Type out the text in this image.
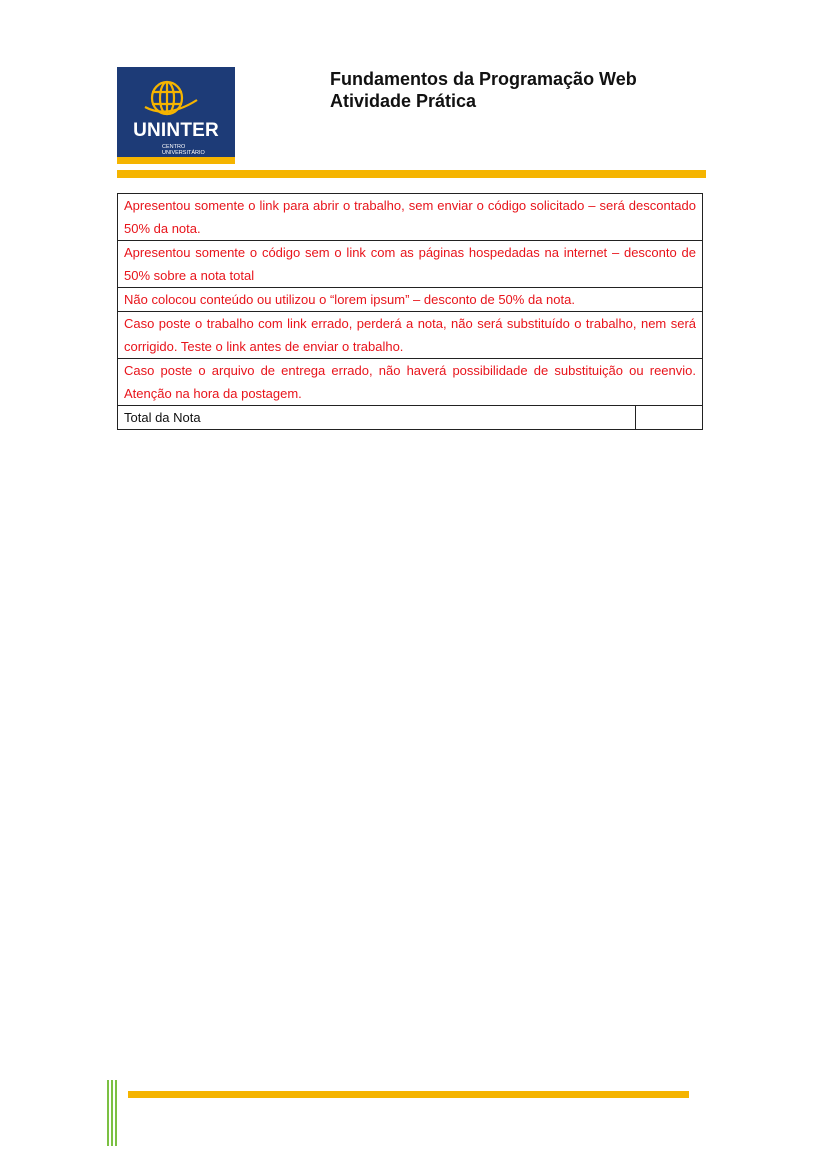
UNINTER
CENTRO
UNIVERSITÁRIO
Fundamentos da Programação Web
Atividade Prática
Apresentou somente o link para abrir o trabalho, sem enviar o código solicitado – será descontado 50% da nota.
Apresentou somente o código sem o link com as páginas hospedadas na internet – desconto de 50% sobre a nota total
Não colocou conteúdo ou utilizou o “lorem ipsum” – desconto de 50% da nota.
Caso poste o trabalho com link errado, perderá a nota, não será substituído o trabalho, nem será corrigido. Teste o link antes de enviar o trabalho.
Caso poste o arquivo de entrega errado, não haverá possibilidade de substituição ou reenvio. Atenção na hora da postagem.
Total da Nota	
